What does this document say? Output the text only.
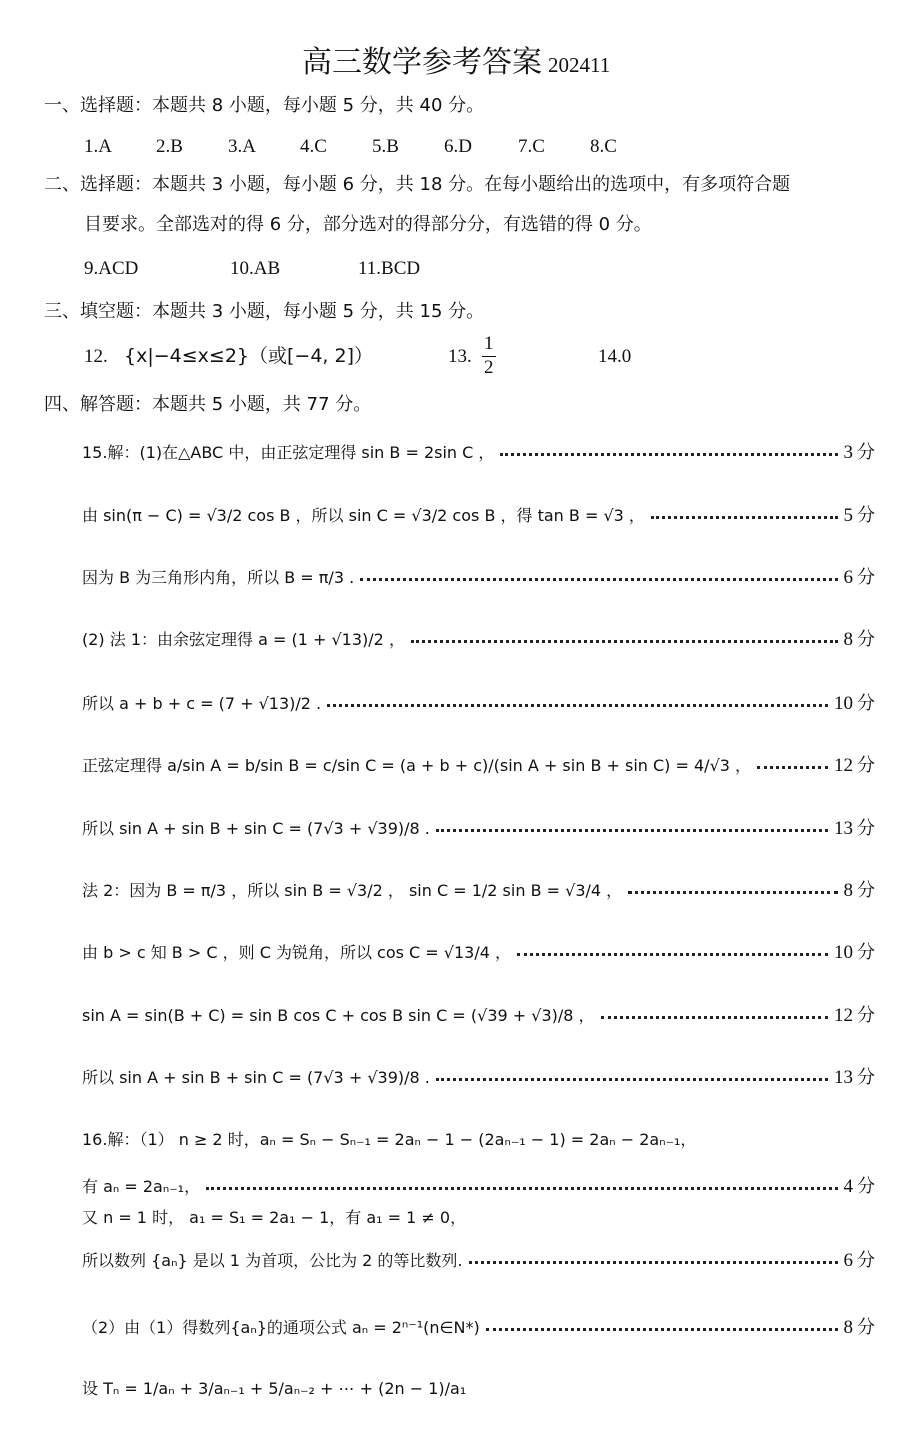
高三数学参考答案 202411
一、选择题：本题共 8 小题，每小题 5 分，共 40 分。
1.A 2.B 3.A 4.C 5.B 6.D 7.C 8.C
二、选择题：本题共 3 小题，每小题 6 分，共 18 分。在每小题给出的选项中，有多项符合题
目要求。全部选对的得 6 分，部分选对的得部分分，有选错的得 0 分。
9.ACD	10.AB	11.BCD
三、填空题：本题共 3 小题，每小题 5 分，共 15 分。
12. {x|−4≤x≤2}（或[−4, 2]）	13. $\frac{1}{2}$	14.0
四、解答题：本题共 5 小题，共 77 分。
15.解：(1)在△ABC 中，由正弦定理得 sin B = 2sin C ，	3 分
由 sin(π − C) = √3/2 cos B ，所以 sin C = √3/2 cos B ，得 tan B = √3 ，	5 分
因为 B 为三角形内角，所以 B = π/3 .	6 分
(2) 法 1：由余弦定理得 a = (1 + √13)/2 ，	8 分
所以 a + b + c = (7 + √13)/2 .	10 分
正弦定理得 a/sin A = b/sin B = c/sin C = (a + b + c)/(sin A + sin B + sin C) = 4/√3 ，	12 分
所以 sin A + sin B + sin C = (7√3 + √39)/8 .	13 分
法 2：因为 B = π/3 ，所以 sin B = √3/2 ， sin C = 1/2 sin B = √3/4 ，	8 分
由 b > c 知 B > C ，则 C 为锐角，所以 cos C = √13/4 ，	10 分
sin A = sin(B + C) = sin B cos C + cos B sin C = (√39 + √3)/8 ，	12 分
所以 sin A + sin B + sin C = (7√3 + √39)/8 .	13 分
16.解：（1） n ≥ 2 时，aₙ = Sₙ − Sₙ₋₁ = 2aₙ − 1 − (2aₙ₋₁ − 1) = 2aₙ − 2aₙ₋₁，
有 aₙ = 2aₙ₋₁，	4 分
又 n = 1 时， a₁ = S₁ = 2a₁ − 1，有 a₁ = 1 ≠ 0，
所以数列 {aₙ} 是以 1 为首项，公比为 2 的等比数列.	6 分
（2）由（1）得数列{aₙ}的通项公式 aₙ = 2ⁿ⁻¹(n∈N*)	8 分
设 Tₙ = 1/aₙ + 3/aₙ₋₁ + 5/aₙ₋₂ + ⋯ + (2n − 1)/a₁
